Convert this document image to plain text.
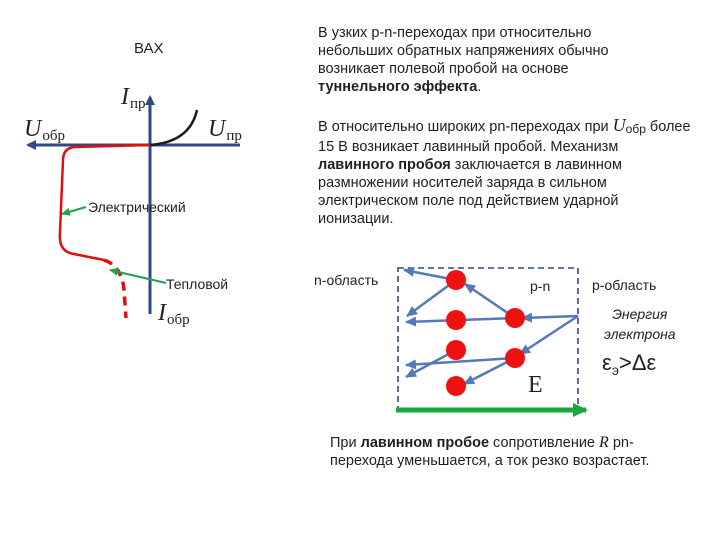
ВАХ
$I_{пр}$
$U_{обр}$	$U_{пр}$
$I_{обр}$
Электрический
Тепловой
В узких p-n-переходах при относительно небольших обратных напряжениях обычно возникает полевой пробой на основе туннельного эффекта.
В относительно широких pn-переходах при Uобр более 15 В возникает лавинный пробой. Механизм лавинного пробоя заключается в лавинном размножении носителей заряда в сильном электрическом поле под действием ударной ионизации.
n-область	p-n	p-область
Энергия
электрона
$\varepsilon_э>\Delta\varepsilon$
E
При лавинном пробое сопротивление R pn-перехода уменьшается, а ток резко возрастает.
